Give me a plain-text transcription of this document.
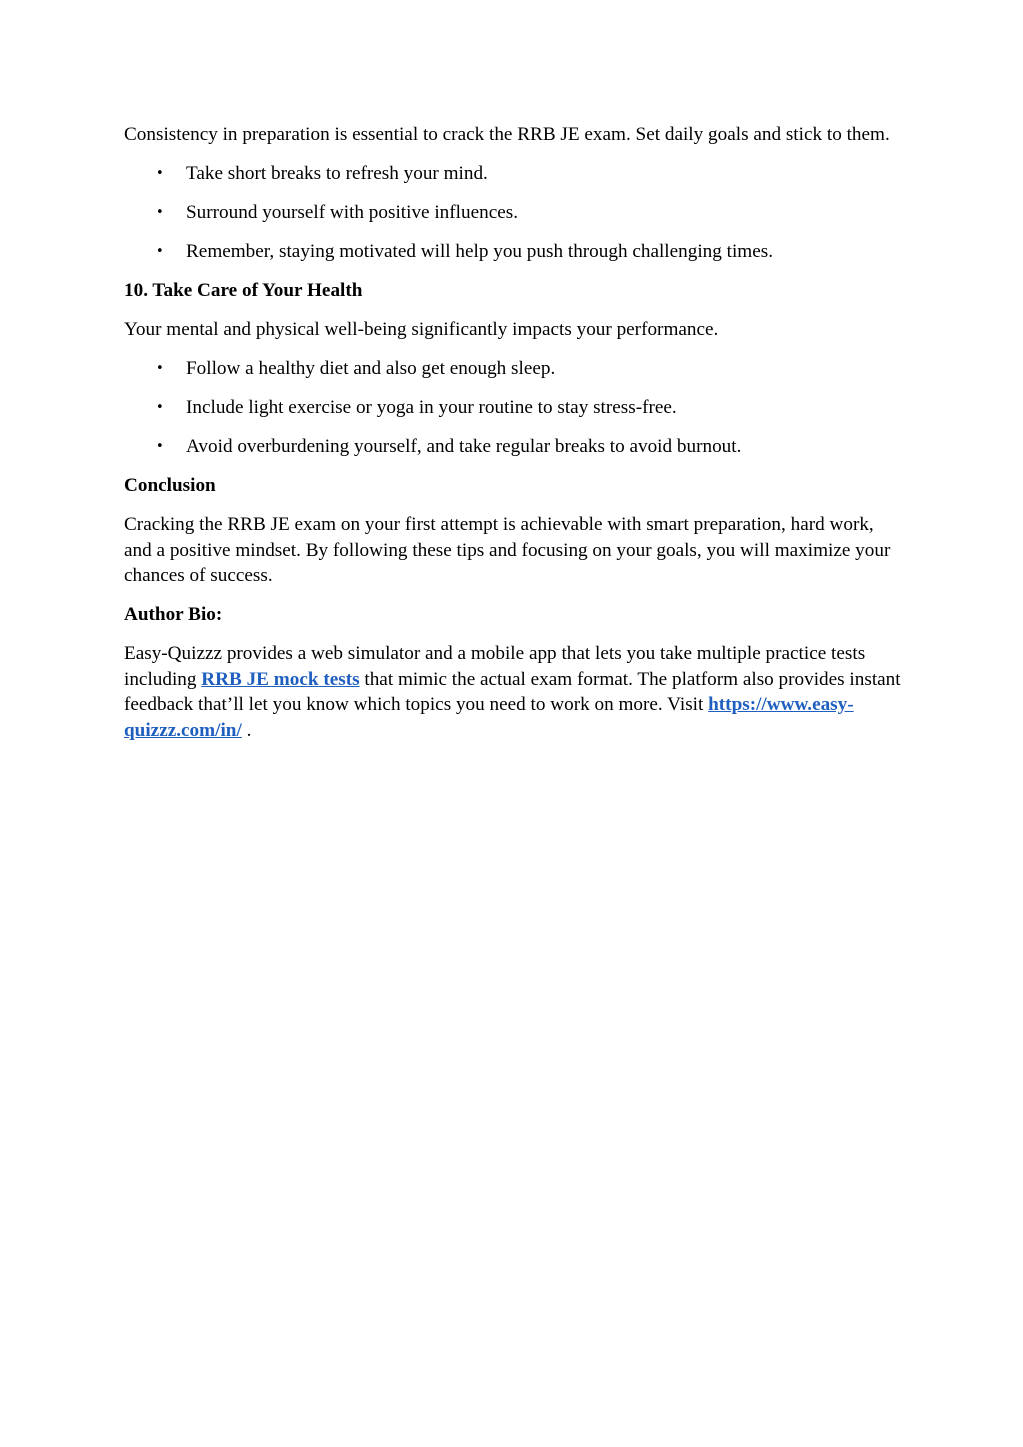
Consistency in preparation is essential to crack the RRB JE exam. Set daily goals and stick to them.

• Take short breaks to refresh your mind.
• Surround yourself with positive influences.
• Remember, staying motivated will help you push through challenging times.
10. Take Care of Your Health

Your mental and physical well-being significantly impacts your performance.

• Follow a healthy diet and also get enough sleep.
• Include light exercise or yoga in your routine to stay stress-free.
• Avoid overburdening yourself, and take regular breaks to avoid burnout.
Conclusion

Cracking the RRB JE exam on your first attempt is achievable with smart preparation, hard work, and a positive mindset. By following these tips and focusing on your goals, you will maximize your chances of success.

Author Bio:

Easy-Quizzz provides a web simulator and a mobile app that lets you take multiple practice tests including RRB JE mock tests that mimic the actual exam format. The platform also provides instant feedback that’ll let you know which topics you need to work on more. Visit https://www.easy-quizzz.com/in/ .
